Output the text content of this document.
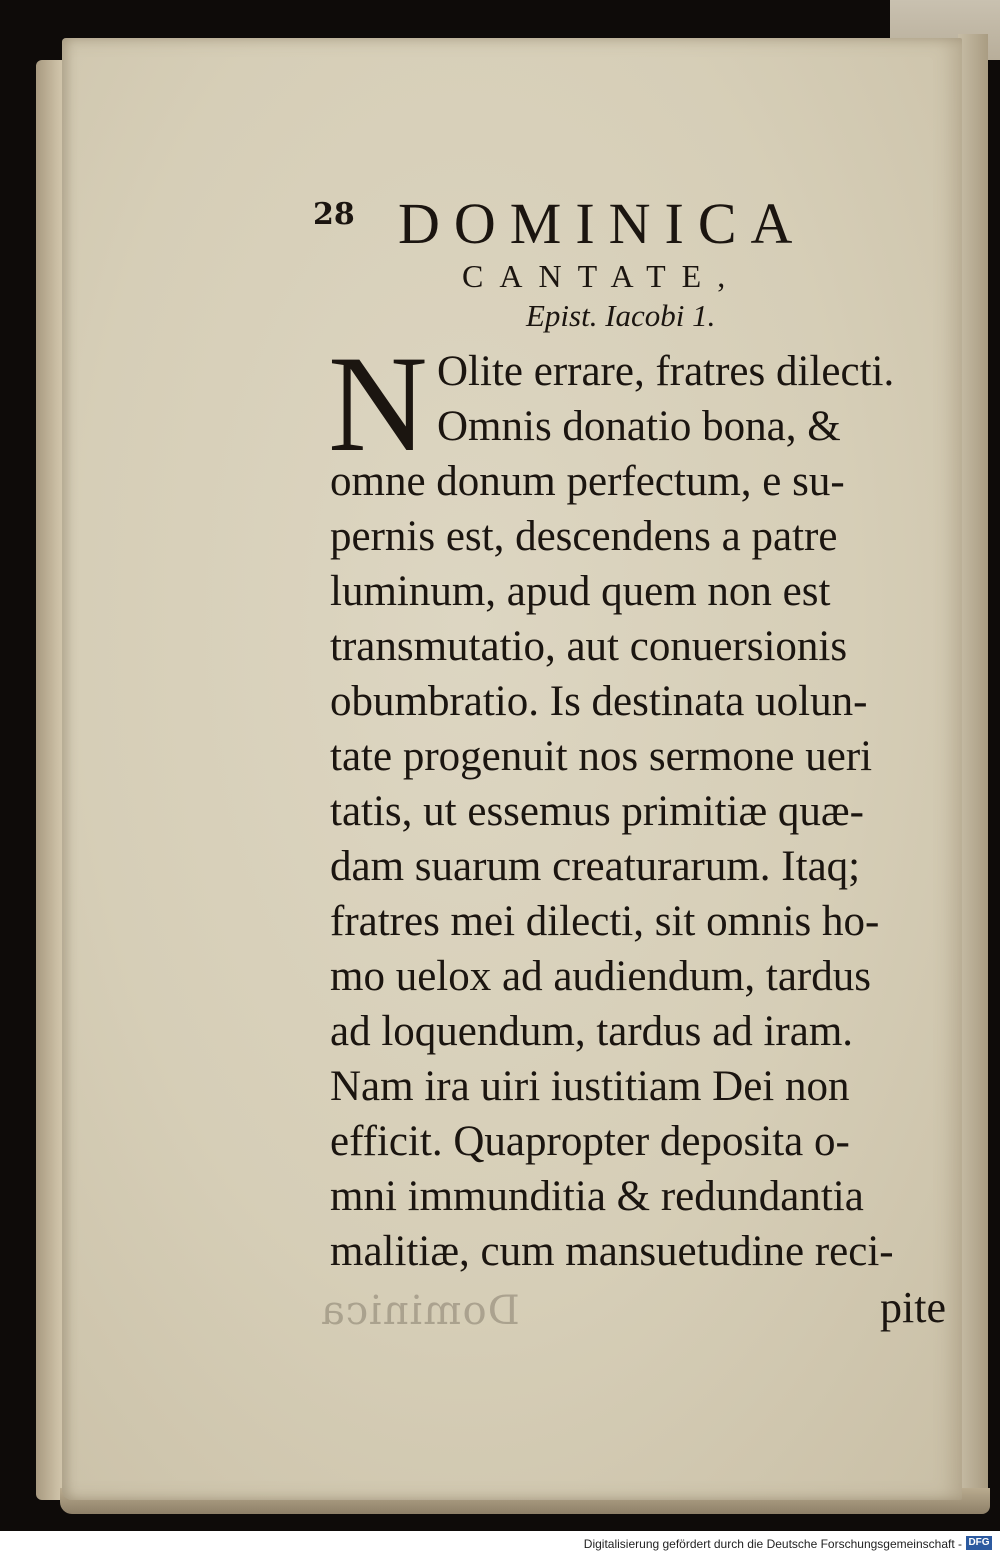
Dominica
28 DOMINICA
CANTATE,
Epist. Iacobi 1.
N Olite errare, fratres dilecti.
Omnis donatio bona, &
omne donum perfectum, e su-
pernis est, descendens a patre
luminum, apud quem non est
transmutatio, aut conuersionis
obumbratio. Is destinata uolun-
tate progenuit nos sermone ueri
tatis, ut essemus primitiæ quæ-
dam suarum creaturarum. Itaq;
fratres mei dilecti, sit omnis ho-
mo uelox ad audiendum, tardus
ad loquendum, tardus ad iram.
Nam ira uiri iustitiam Dei non
efficit. Quapropter deposita o-
mni immunditia & redundantia
malitiæ, cum mansuetudine reci-
pite
Digitalisierung gefördert durch die Deutsche Forschungsgemeinschaft - DFG
